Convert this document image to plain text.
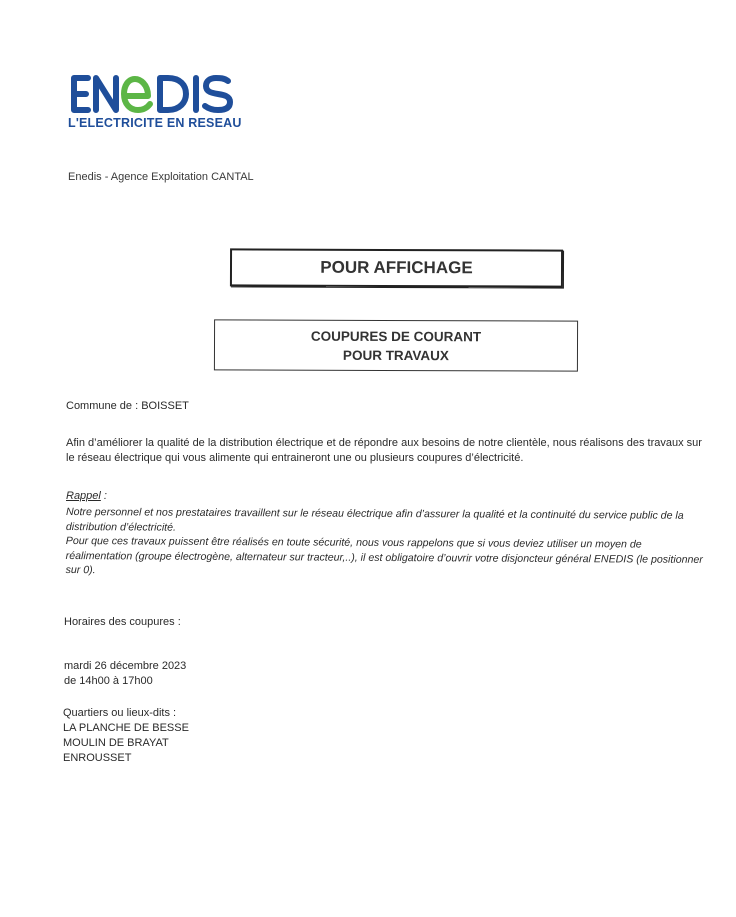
L'ELECTRICITE EN RESEAU
Enedis - Agence Exploitation CANTAL
POUR AFFICHAGE
COUPURES DE COURANT
POUR TRAVAUX
Commune de : BOISSET
Afin d’améliorer la qualité de la distribution électrique et de répondre aux besoins de notre clientèle, nous réalisons des travaux sur le réseau électrique qui vous alimente qui entraineront une ou plusieurs coupures d’électricité.
Rappel :

Notre personnel et nos prestataires travaillent sur le réseau électrique afin d’assurer la qualité et la continuité du service public de la distribution d’électricité.

Pour que ces travaux puissent être réalisés en toute sécurité, nous vous rappelons que si vous deviez utiliser un moyen de réalimentation (groupe électrogène, alternateur sur tracteur,..), il est obligatoire d’ouvrir votre disjoncteur général ENEDIS (le positionner sur 0).

Horaires des coupures :
mardi 26 décembre 2023
de 14h00 à 17h00
Quartiers ou lieux-dits :
LA PLANCHE DE BESSE
MOULIN DE BRAYAT
ENROUSSET
